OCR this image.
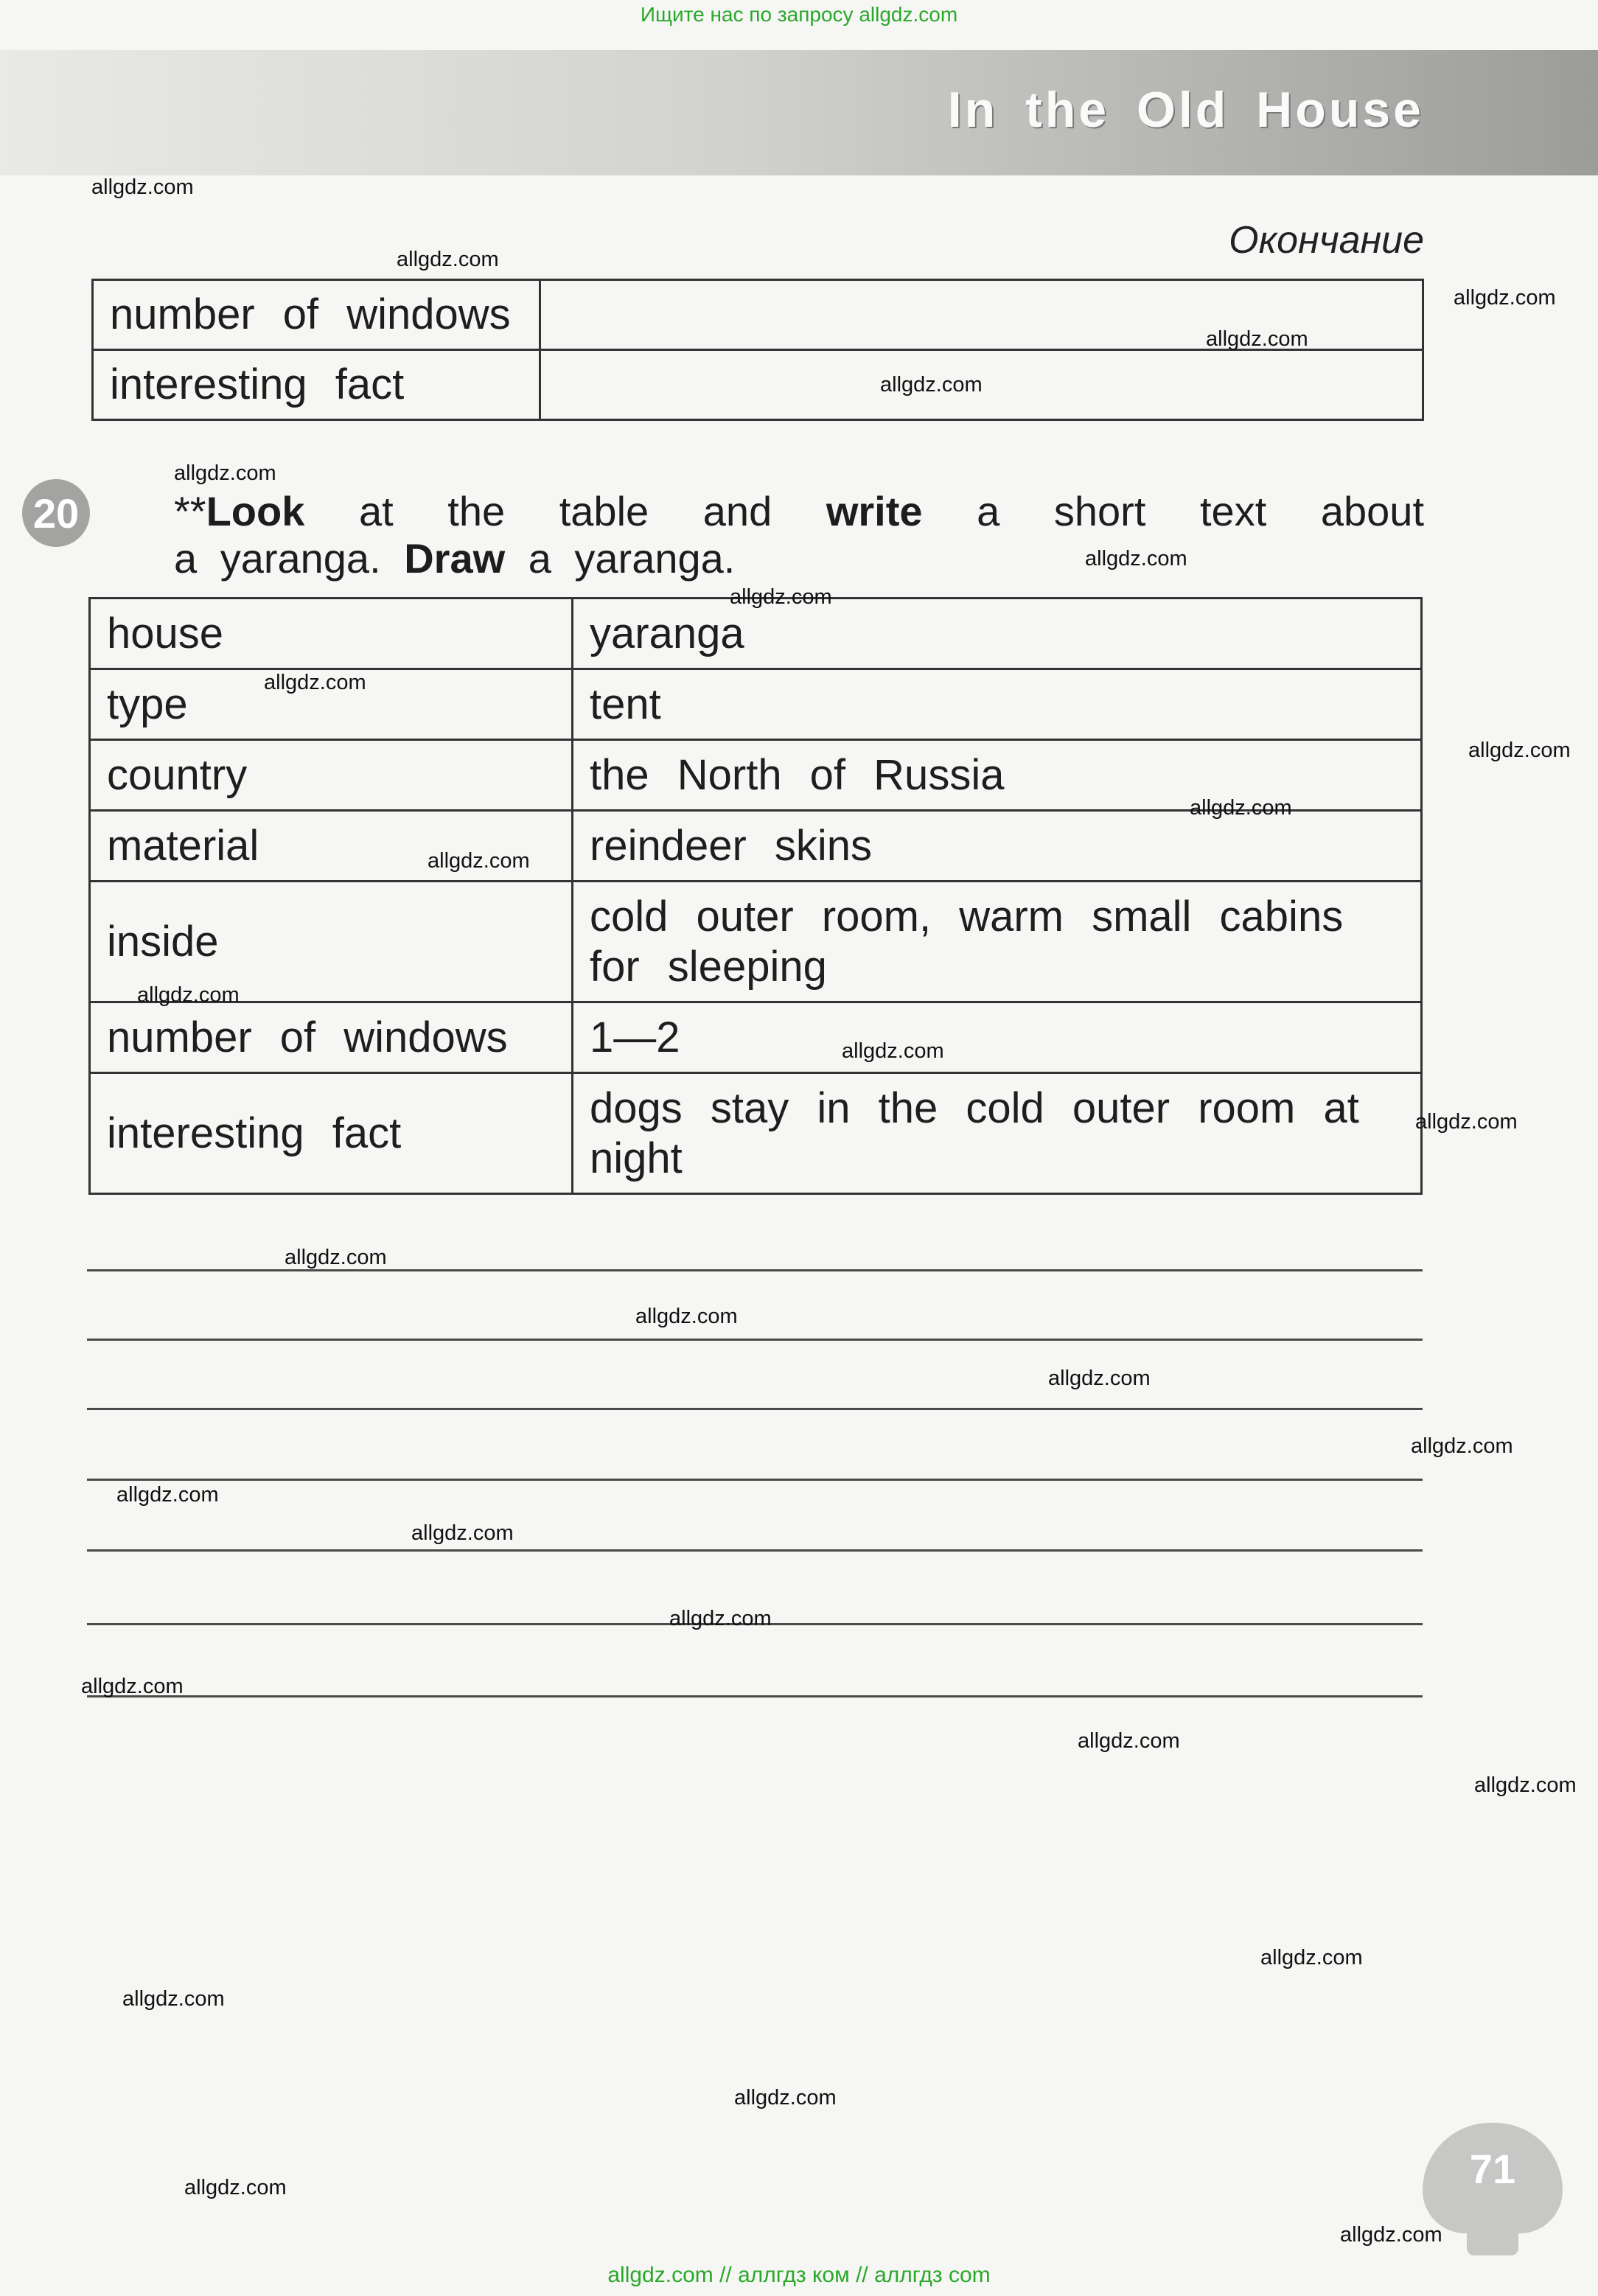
Ищите нас по запросу allgdz.com
In the Old House
Окончание
number of windows	
interesting fact	
20 **Look at the table and write a short text about
a yaranga. Draw a yaranga.
house	yaranga
type	tent
country	the North of Russia
material	reindeer skins
inside	cold outer room, warm small cabins for sleeping
number of windows	1—2
interesting fact	dogs stay in the cold outer room at night
allgdz.com
allgdz.com
allgdz.com
allgdz.com
allgdz.com
allgdz.com
allgdz.com
allgdz.com
allgdz.com
allgdz.com
allgdz.com
allgdz.com
allgdz.com
allgdz.com
allgdz.com
allgdz.com
allgdz.com
allgdz.com
allgdz.com
allgdz.com
allgdz.com
allgdz.com
allgdz.com
allgdz.com
allgdz.com
allgdz.com
allgdz.com
allgdz.com
allgdz.com
allgdz.com
71
allgdz.com // аллгдз ком // аллгдз com
